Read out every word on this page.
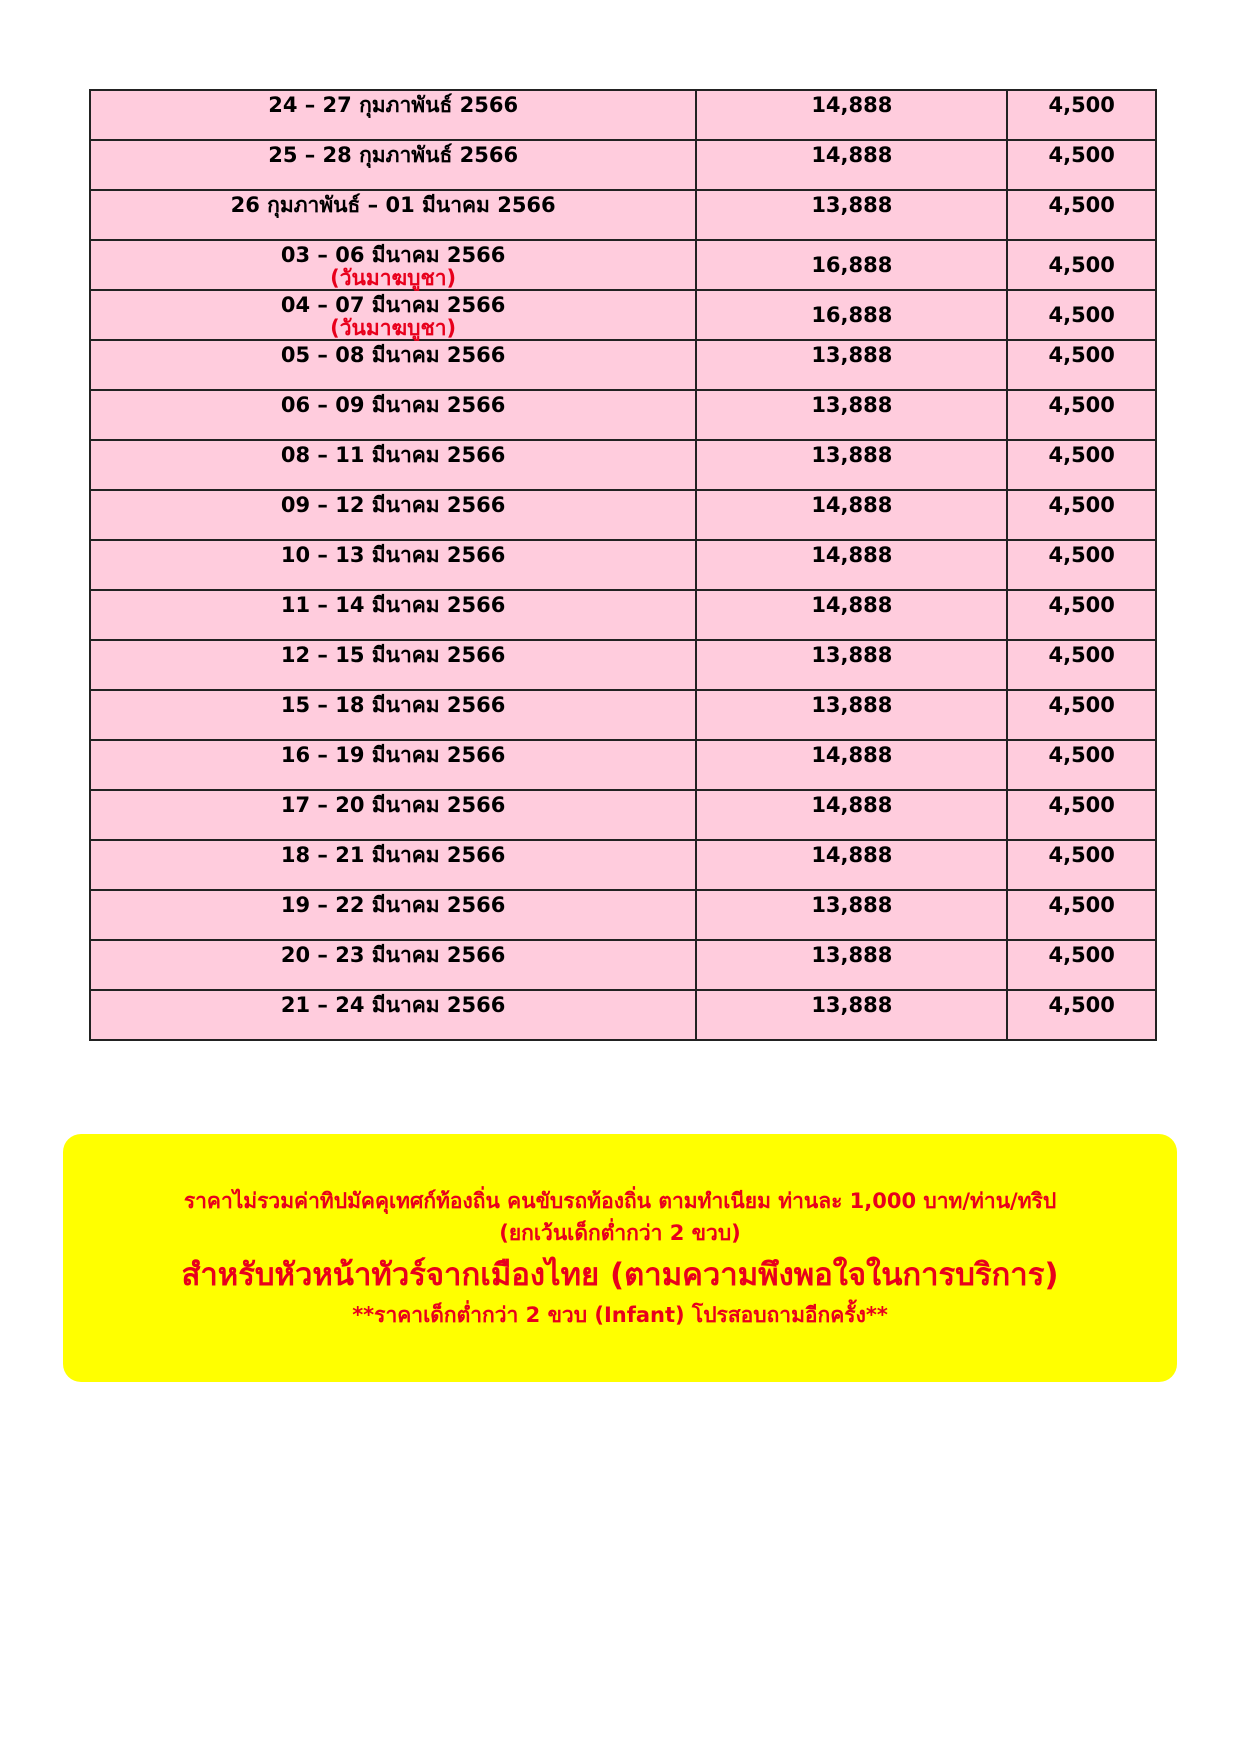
24 – 27 กุมภาพันธ์ 2566	14,888	4,500

25 – 28 กุมภาพันธ์ 2566	14,888	4,500

26 กุมภาพันธ์ – 01 มีนาคม 2566	13,888	4,500

03 – 06 มีนาคม 2566
(วันมาฆบูชา)	16,888	4,500

04 – 07 มีนาคม 2566
(วันมาฆบูชา)	16,888	4,500

05 – 08 มีนาคม 2566	13,888	4,500

06 – 09 มีนาคม 2566	13,888	4,500

08 – 11 มีนาคม 2566	13,888	4,500

09 – 12 มีนาคม 2566	14,888	4,500

10 – 13 มีนาคม 2566	14,888	4,500

11 – 14 มีนาคม 2566	14,888	4,500

12 – 15 มีนาคม 2566	13,888	4,500

15 – 18 มีนาคม 2566	13,888	4,500

16 – 19 มีนาคม 2566	14,888	4,500

17 – 20 มีนาคม 2566	14,888	4,500

18 – 21 มีนาคม 2566	14,888	4,500

19 – 22 มีนาคม 2566	13,888	4,500

20 – 23 มีนาคม 2566	13,888	4,500

21 – 24 มีนาคม 2566	13,888	4,500
ราคาไม่รวมค่าทิปมัคคุเทศก์ท้องถิ่น คนขับรถท้องถิ่น ตามทำเนียม ท่านละ 1,000 บาท/ท่าน/ทริป
(ยกเว้นเด็กต่ำกว่า 2 ขวบ)
สำหรับหัวหน้าทัวร์จากเมืองไทย (ตามความพึงพอใจในการบริการ)
**ราคาเด็กต่ำกว่า 2 ขวบ (Infant) โปรสอบถามอีกครั้ง**
